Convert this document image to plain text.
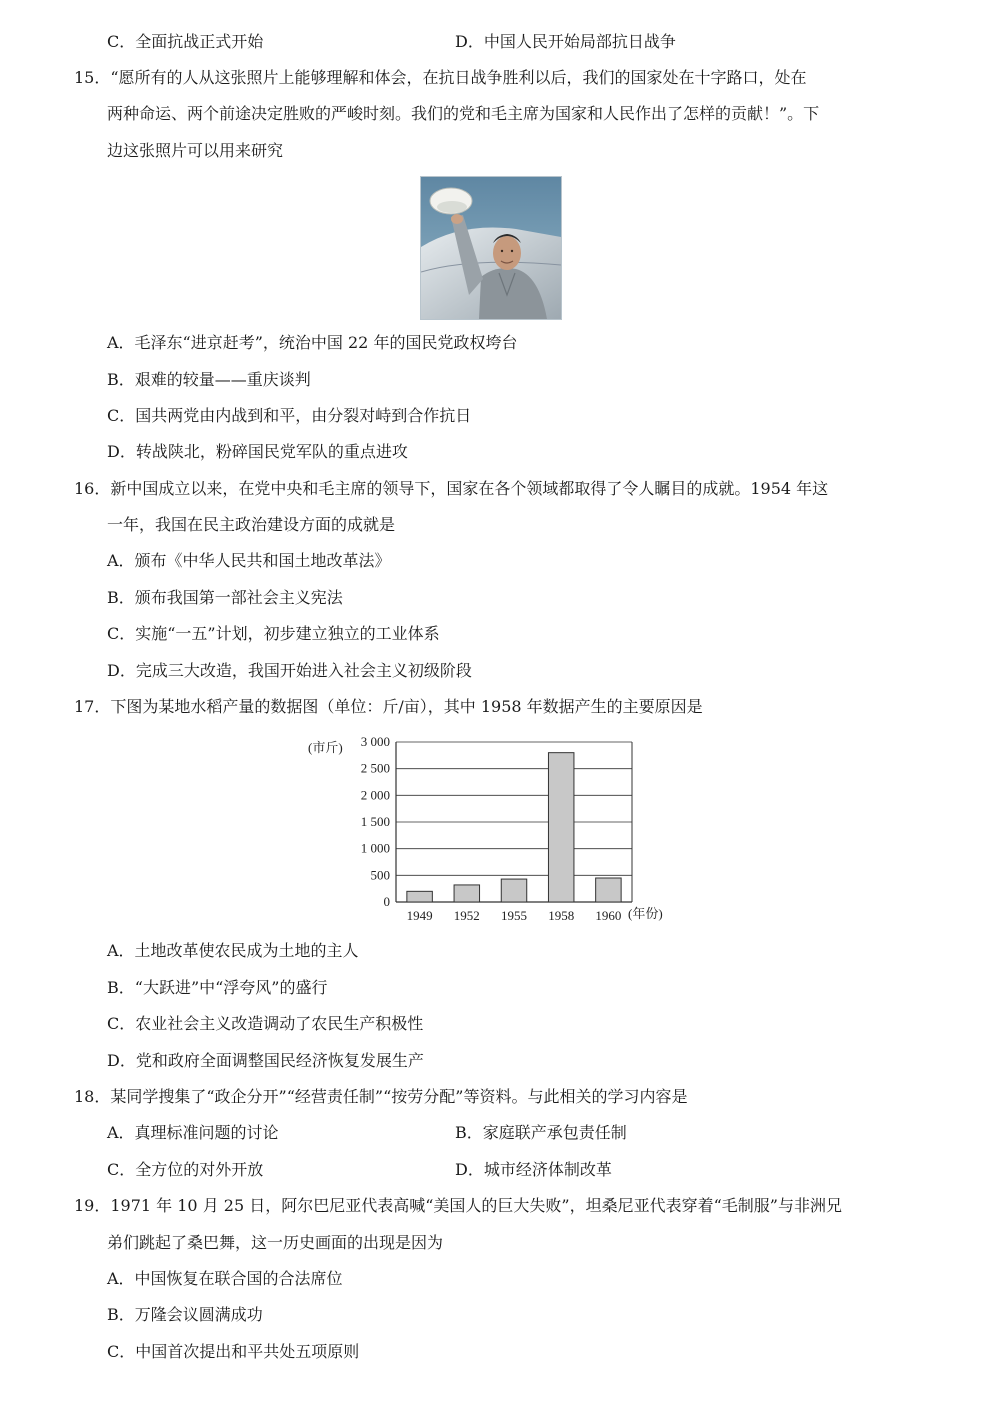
C．全面抗战正式开始	D．中国人民开始局部抗日战争
15．“愿所有的人从这张照片上能够理解和体会，在抗日战争胜利以后，我们的国家处在十字路口，处在
两种命运、两个前途决定胜败的严峻时刻。我们的党和毛主席为国家和人民作出了怎样的贡献！”。下
边这张照片可以用来研究
A．毛泽东“进京赶考”，统治中国 22 年的国民党政权垮台
B．艰难的较量——重庆谈判
C．国共两党由内战到和平，由分裂对峙到合作抗日
D．转战陕北，粉碎国民党军队的重点进攻
16．新中国成立以来，在党中央和毛主席的领导下，国家在各个领域都取得了令人瞩目的成就。1954 年这
一年，我国在民主政治建设方面的成就是
A．颁布《中华人民共和国土地改革法》
B．颁布我国第一部社会主义宪法
C．实施“一五”计划，初步建立独立的工业体系
D．完成三大改造，我国开始进入社会主义初级阶段
17．下图为某地水稻产量的数据图（单位：斤/亩），其中 1958 年数据产生的主要原因是
(市斤)
0
500
1 000
1 500
2 000
2 500
3 000
1949 1952 1955 1958 1960 (年份)
A．土地改革使农民成为土地的主人
B．“大跃进”中“浮夸风”的盛行
C．农业社会主义改造调动了农民生产积极性
D．党和政府全面调整国民经济恢复发展生产
18．某同学搜集了“政企分开”“经营责任制”“按劳分配”等资料。与此相关的学习内容是
A．真理标准问题的讨论	B．家庭联产承包责任制
C．全方位的对外开放	D．城市经济体制改革
19．1971 年 10 月 25 日，阿尔巴尼亚代表高喊“美国人的巨大失败”，坦桑尼亚代表穿着“毛制服”与非洲兄
弟们跳起了桑巴舞，这一历史画面的出现是因为
A．中国恢复在联合国的合法席位
B．万隆会议圆满成功
C．中国首次提出和平共处五项原则
